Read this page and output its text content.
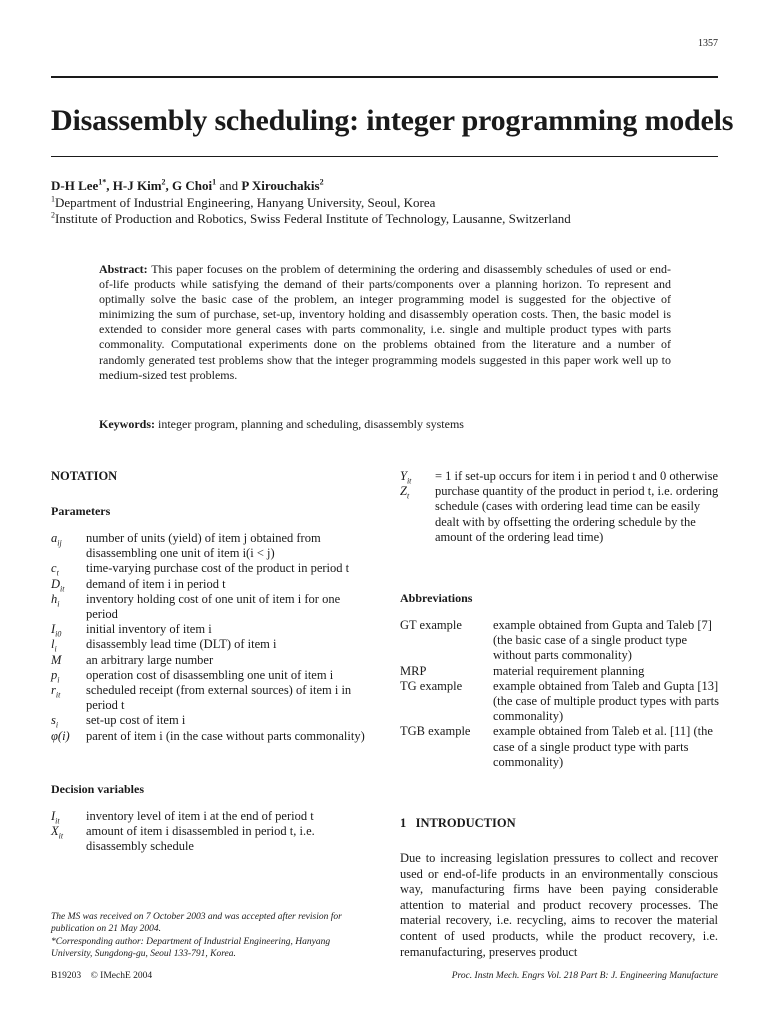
1357
Disassembly scheduling: integer programming models
D-H Lee$^{1*}$, H-J Kim$^2$, G Choi$^1$ and P Xirouchakis$^2$
$^1$Department of Industrial Engineering, Hanyang University, Seoul, Korea
$^2$Institute of Production and Robotics, Swiss Federal Institute of Technology, Lausanne, Switzerland
Abstract: This paper focuses on the problem of determining the ordering and disassembly schedules of used or end-of-life products while satisfying the demand of their parts/components over a planning horizon. To represent and optimally solve the basic case of the problem, an integer programming model is suggested for the objective of minimizing the sum of purchase, set-up, inventory holding and disassembly operation costs. Then, the basic model is extended to consider more general cases with parts commonality, i.e. single and multiple product types with parts commonality. Computational experiments done on the problems obtained from the literature and a number of randomly generated test problems show that the integer programming models suggested in this paper work well up to medium-sized test problems.
Keywords: integer program, planning and scheduling, disassembly systems
NOTATION
Parameters
$a_{ij}$	number of units (yield) of item j obtained from disassembling one unit of item i(i < j)
$c_t$	time-varying purchase cost of the product in period t
$D_{it}$	demand of item i in period t
$h_i$	inventory holding cost of one unit of item i for one period
$I_{i0}$	initial inventory of item i
$l_i$	disassembly lead time (DLT) of item i
M	an arbitrary large number
$p_i$	operation cost of disassembling one unit of item i
$r_{it}$	scheduled receipt (from external sources) of item i in period t
$s_i$	set-up cost of item i
φ(i)	parent of item i (in the case without parts commonality)
Decision variables
$I_{it}$	inventory level of item i at the end of period t
$X_{it}$	amount of item i disassembled in period t, i.e. disassembly schedule
$Y_{it}$	= 1 if set-up occurs for item i in period t and 0 otherwise
$Z_t$	purchase quantity of the product in period t, i.e. ordering schedule (cases with ordering lead time can be easily dealt with by offsetting the ordering schedule by the amount of the ordering lead time)
Abbreviations
GT example	example obtained from Gupta and Taleb [7] (the basic case of a single product type without parts commonality)
MRP	material requirement planning
TG example	example obtained from Taleb and Gupta [13] (the case of multiple product types with parts commonality)
TGB example	example obtained from Taleb et al. [11] (the case of a single product type with parts commonality)
1   INTRODUCTION
Due to increasing legislation pressures to collect and recover used or end-of-life products in an environmentally conscious way, manufacturing firms have been paying considerable attention to material and product recovery processes. The material recovery, i.e. recycling, aims to recover the material content of used products, while the product recovery, i.e. remanufacturing, preserves product
The MS was received on 7 October 2003 and was accepted after revision for publication on 21 May 2004.
*Corresponding author: Department of Industrial Engineering, Hanyang University, Sungdong-gu, Seoul 133-791, Korea.
B19203 © IMechE 2004	Proc. Instn Mech. Engrs Vol. 218 Part B: J. Engineering Manufacture
